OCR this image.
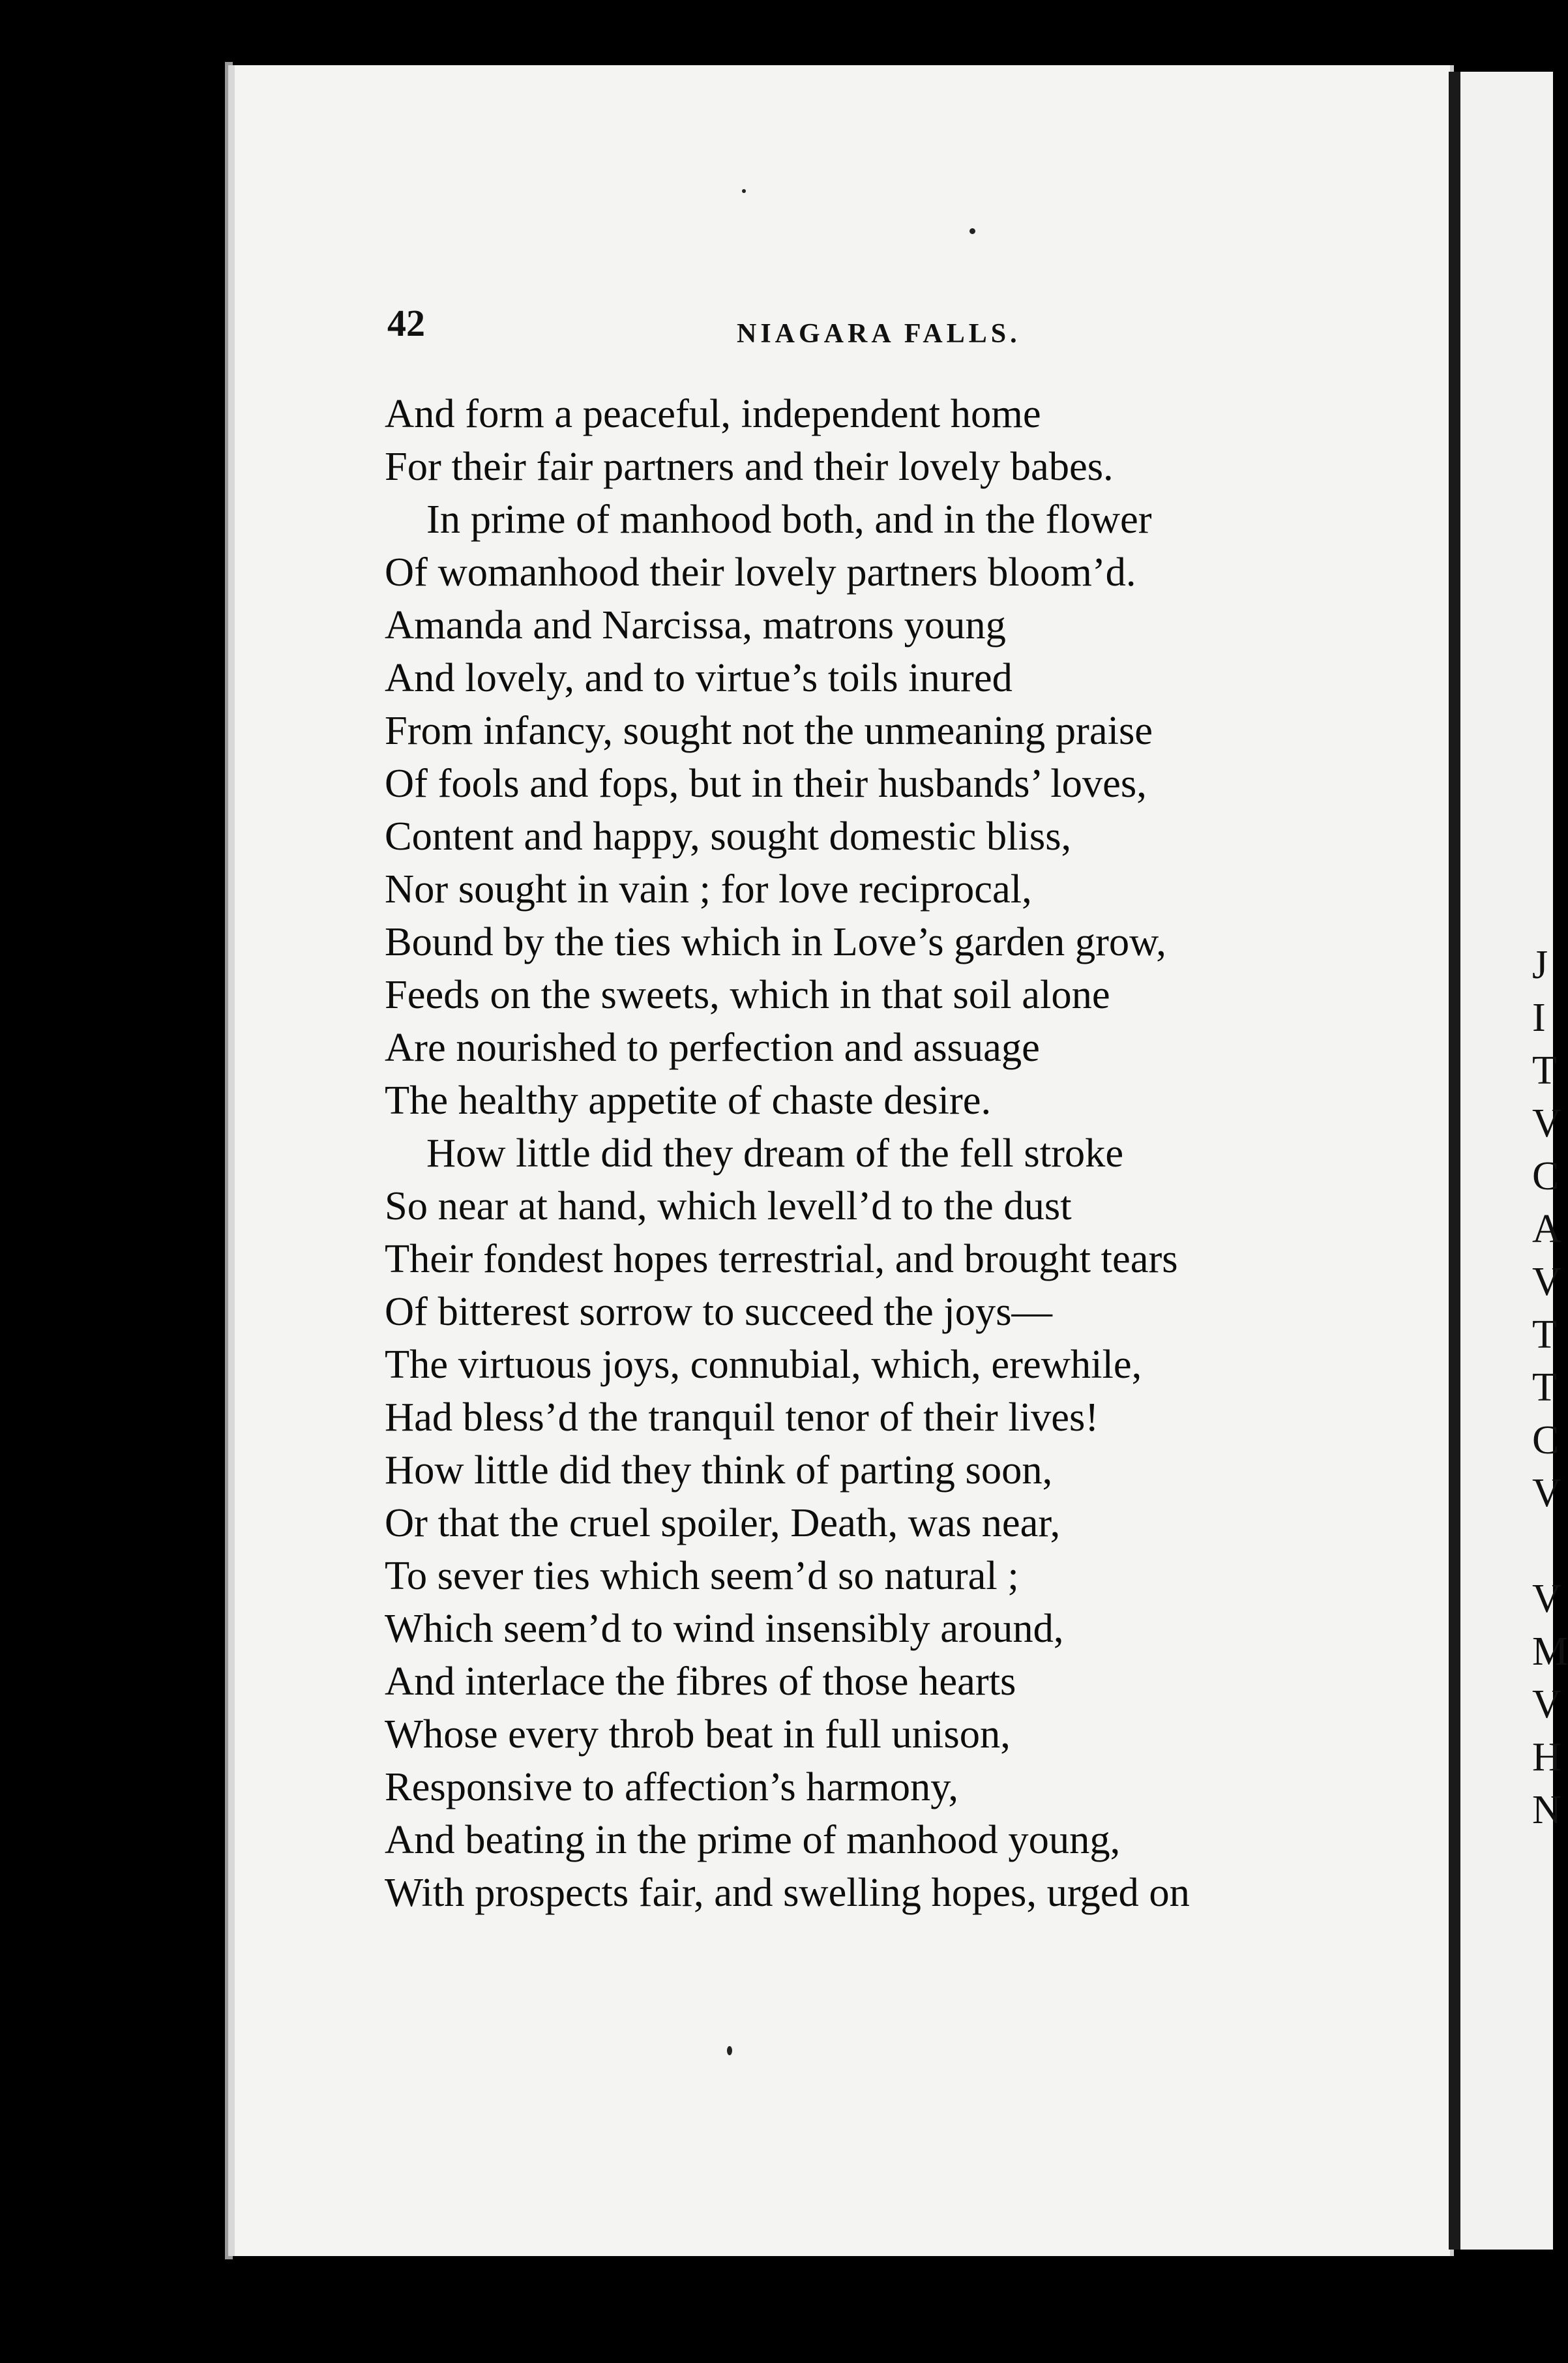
J
I
T
V
C
A
V
T
T
C
V
V
M
V
H
N
42	NIAGARA FALLS.
And form a peaceful, independent home
For their fair partners and their lovely babes.
In prime of manhood both, and in the flower
Of womanhood their lovely partners bloom’d.
Amanda and Narcissa, matrons young
And lovely, and to virtue’s toils inured
From infancy, sought not the unmeaning praise
Of fools and fops, but in their husbands’ loves,
Content and happy, sought domestic bliss,
Nor sought in vain ; for love reciprocal,
Bound by the ties which in Love’s garden grow,
Feeds on the sweets, which in that soil alone
Are nourished to perfection and assuage
The healthy appetite of chaste desire.
How little did they dream of the fell stroke
So near at hand, which levell’d to the dust
Their fondest hopes terrestrial, and brought tears
Of bitterest sorrow to succeed the joys—
The virtuous joys, connubial, which, erewhile,
Had bless’d the tranquil tenor of their lives!
How little did they think of parting soon,
Or that the cruel spoiler, Death, was near,
To sever ties which seem’d so natural ;
Which seem’d to wind insensibly around,
And interlace the fibres of those hearts
Whose every throb beat in full unison,
Responsive to affection’s harmony,
And beating in the prime of manhood young,
With prospects fair, and swelling hopes, urged on
